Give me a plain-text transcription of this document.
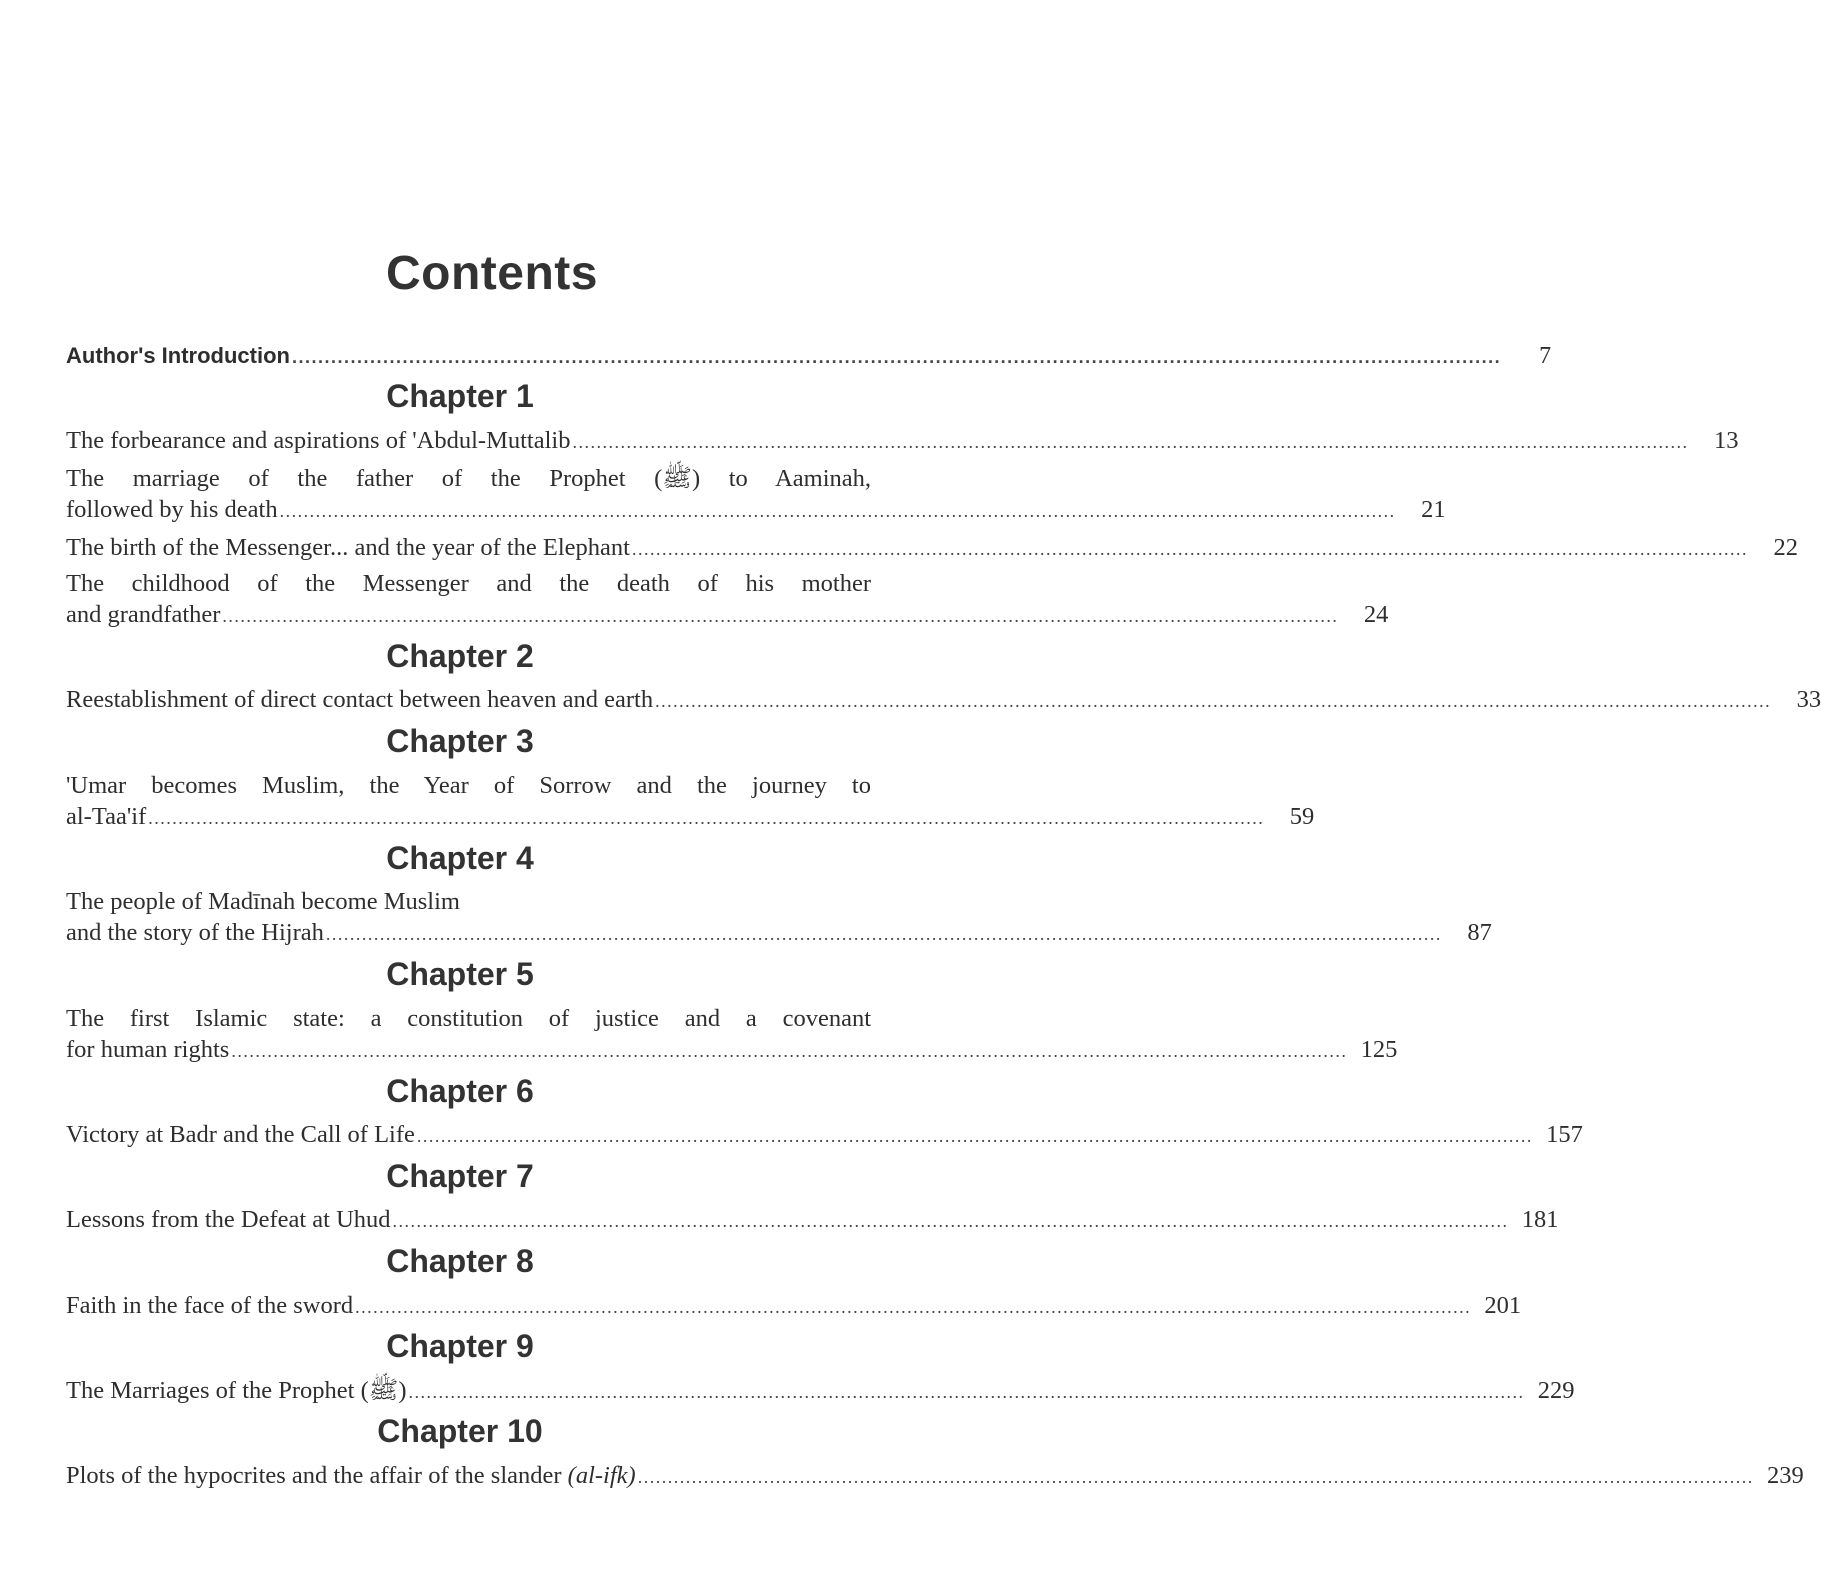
Contents
Author's Introduction ..........................................................................................................................................................................................	7
Chapter 1
The forbearance and aspirations of 'Abdul-Muttalib ..........................................................................................................................................................................................	13
The marriage of the father of the Prophet (ﷺ) to Aaminah,
followed by his death ..........................................................................................................................................................................................	21
The birth of the Messenger... and the year of the Elephant ..........................................................................................................................................................................................	22
The childhood of the Messenger and the death of his mother
and grandfather ..........................................................................................................................................................................................	24
Chapter 2
Reestablishment of direct contact between heaven and earth ..........................................................................................................................................................................................	33
Chapter 3
'Umar becomes Muslim, the Year of Sorrow and the journey to
al-Taa'if ..........................................................................................................................................................................................	59
Chapter 4
The people of Madīnah become Muslim
and the story of the Hijrah ..........................................................................................................................................................................................	87
Chapter 5
The first Islamic state: a constitution of justice and a covenant
for human rights .......................................................................................................................................................................................... 125
Chapter 6
Victory at Badr and the Call of Life .......................................................................................................................................................................................... 157
Chapter 7
Lessons from the Defeat at Uhud .......................................................................................................................................................................................... 181
Chapter 8
Faith in the face of the sword .......................................................................................................................................................................................... 201
Chapter 9
The Marriages of the Prophet (ﷺ) .......................................................................................................................................................................................... 229
Chapter 10
Plots of the hypocrites and the affair of the slander (al-ifk) .......................................................................................................................................................................................... 239
